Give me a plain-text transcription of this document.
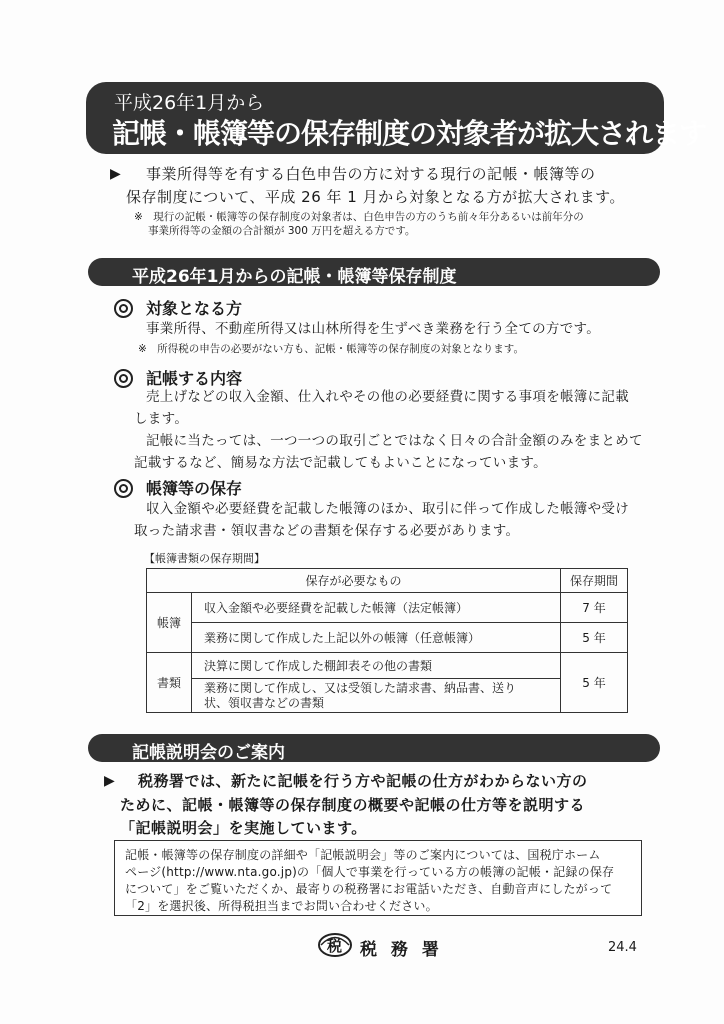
平成26年1月から
記帳・帳簿等の保存制度の対象者が拡大されます
▶ 事業所得等を有する白色申告の方に対する現行の記帳・帳簿等の
保存制度について、平成 26 年 1 月から対象となる方が拡大されます。
※　現行の記帳・帳簿等の保存制度の対象者は、白色申告の方のうち前々年分あるいは前年分の
事業所得等の金額の合計額が 300 万円を超える方です。
平成26年1月からの記帳・帳簿等保存制度
対象となる方
事業所得、不動産所得又は山林所得を生ずべき業務を行う全ての方です。
※　所得税の申告の必要がない方も、記帳・帳簿等の保存制度の対象となります。
記帳する内容
売上げなどの収入金額、仕入れやその他の必要経費に関する事項を帳簿に記載
します。
記帳に当たっては、一つ一つの取引ごとではなく日々の合計金額のみをまとめて
記載するなど、簡易な方法で記載してもよいことになっています。
帳簿等の保存
収入金額や必要経費を記載した帳簿のほか、取引に伴って作成した帳簿や受け
取った請求書・領収書などの書類を保存する必要があります。
【帳簿書類の保存期間】
保存が必要なもの		保存期間
帳簿	収入金額や必要経費を記載した帳簿（法定帳簿）	7 年
	業務に関して作成した上記以外の帳簿（任意帳簿）	5 年
書類	決算に関して作成した棚卸表その他の書類	5 年

	業務に関して作成し、又は受領した請求書、納品書、送り
状、領収書などの書類	
記帳説明会のご案内
▶ 税務署では、新たに記帳を行う方や記帳の仕方がわからない方の
ために、記帳・帳簿等の保存制度の概要や記帳の仕方等を説明する
「記帳説明会」を実施しています。
記帳・帳簿等の保存制度の詳細や「記帳説明会」等のご案内については、国税庁ホーム
ページ(http://www.nta.go.jp)の「個人で事業を行っている方の帳簿の記帳・記録の保存
について」をご覧いただくか、最寄りの税務署にお電話いただき、自動音声にしたがって
「2」を選択後、所得税担当までお問い合わせください。
税 税 務 署	24.4
